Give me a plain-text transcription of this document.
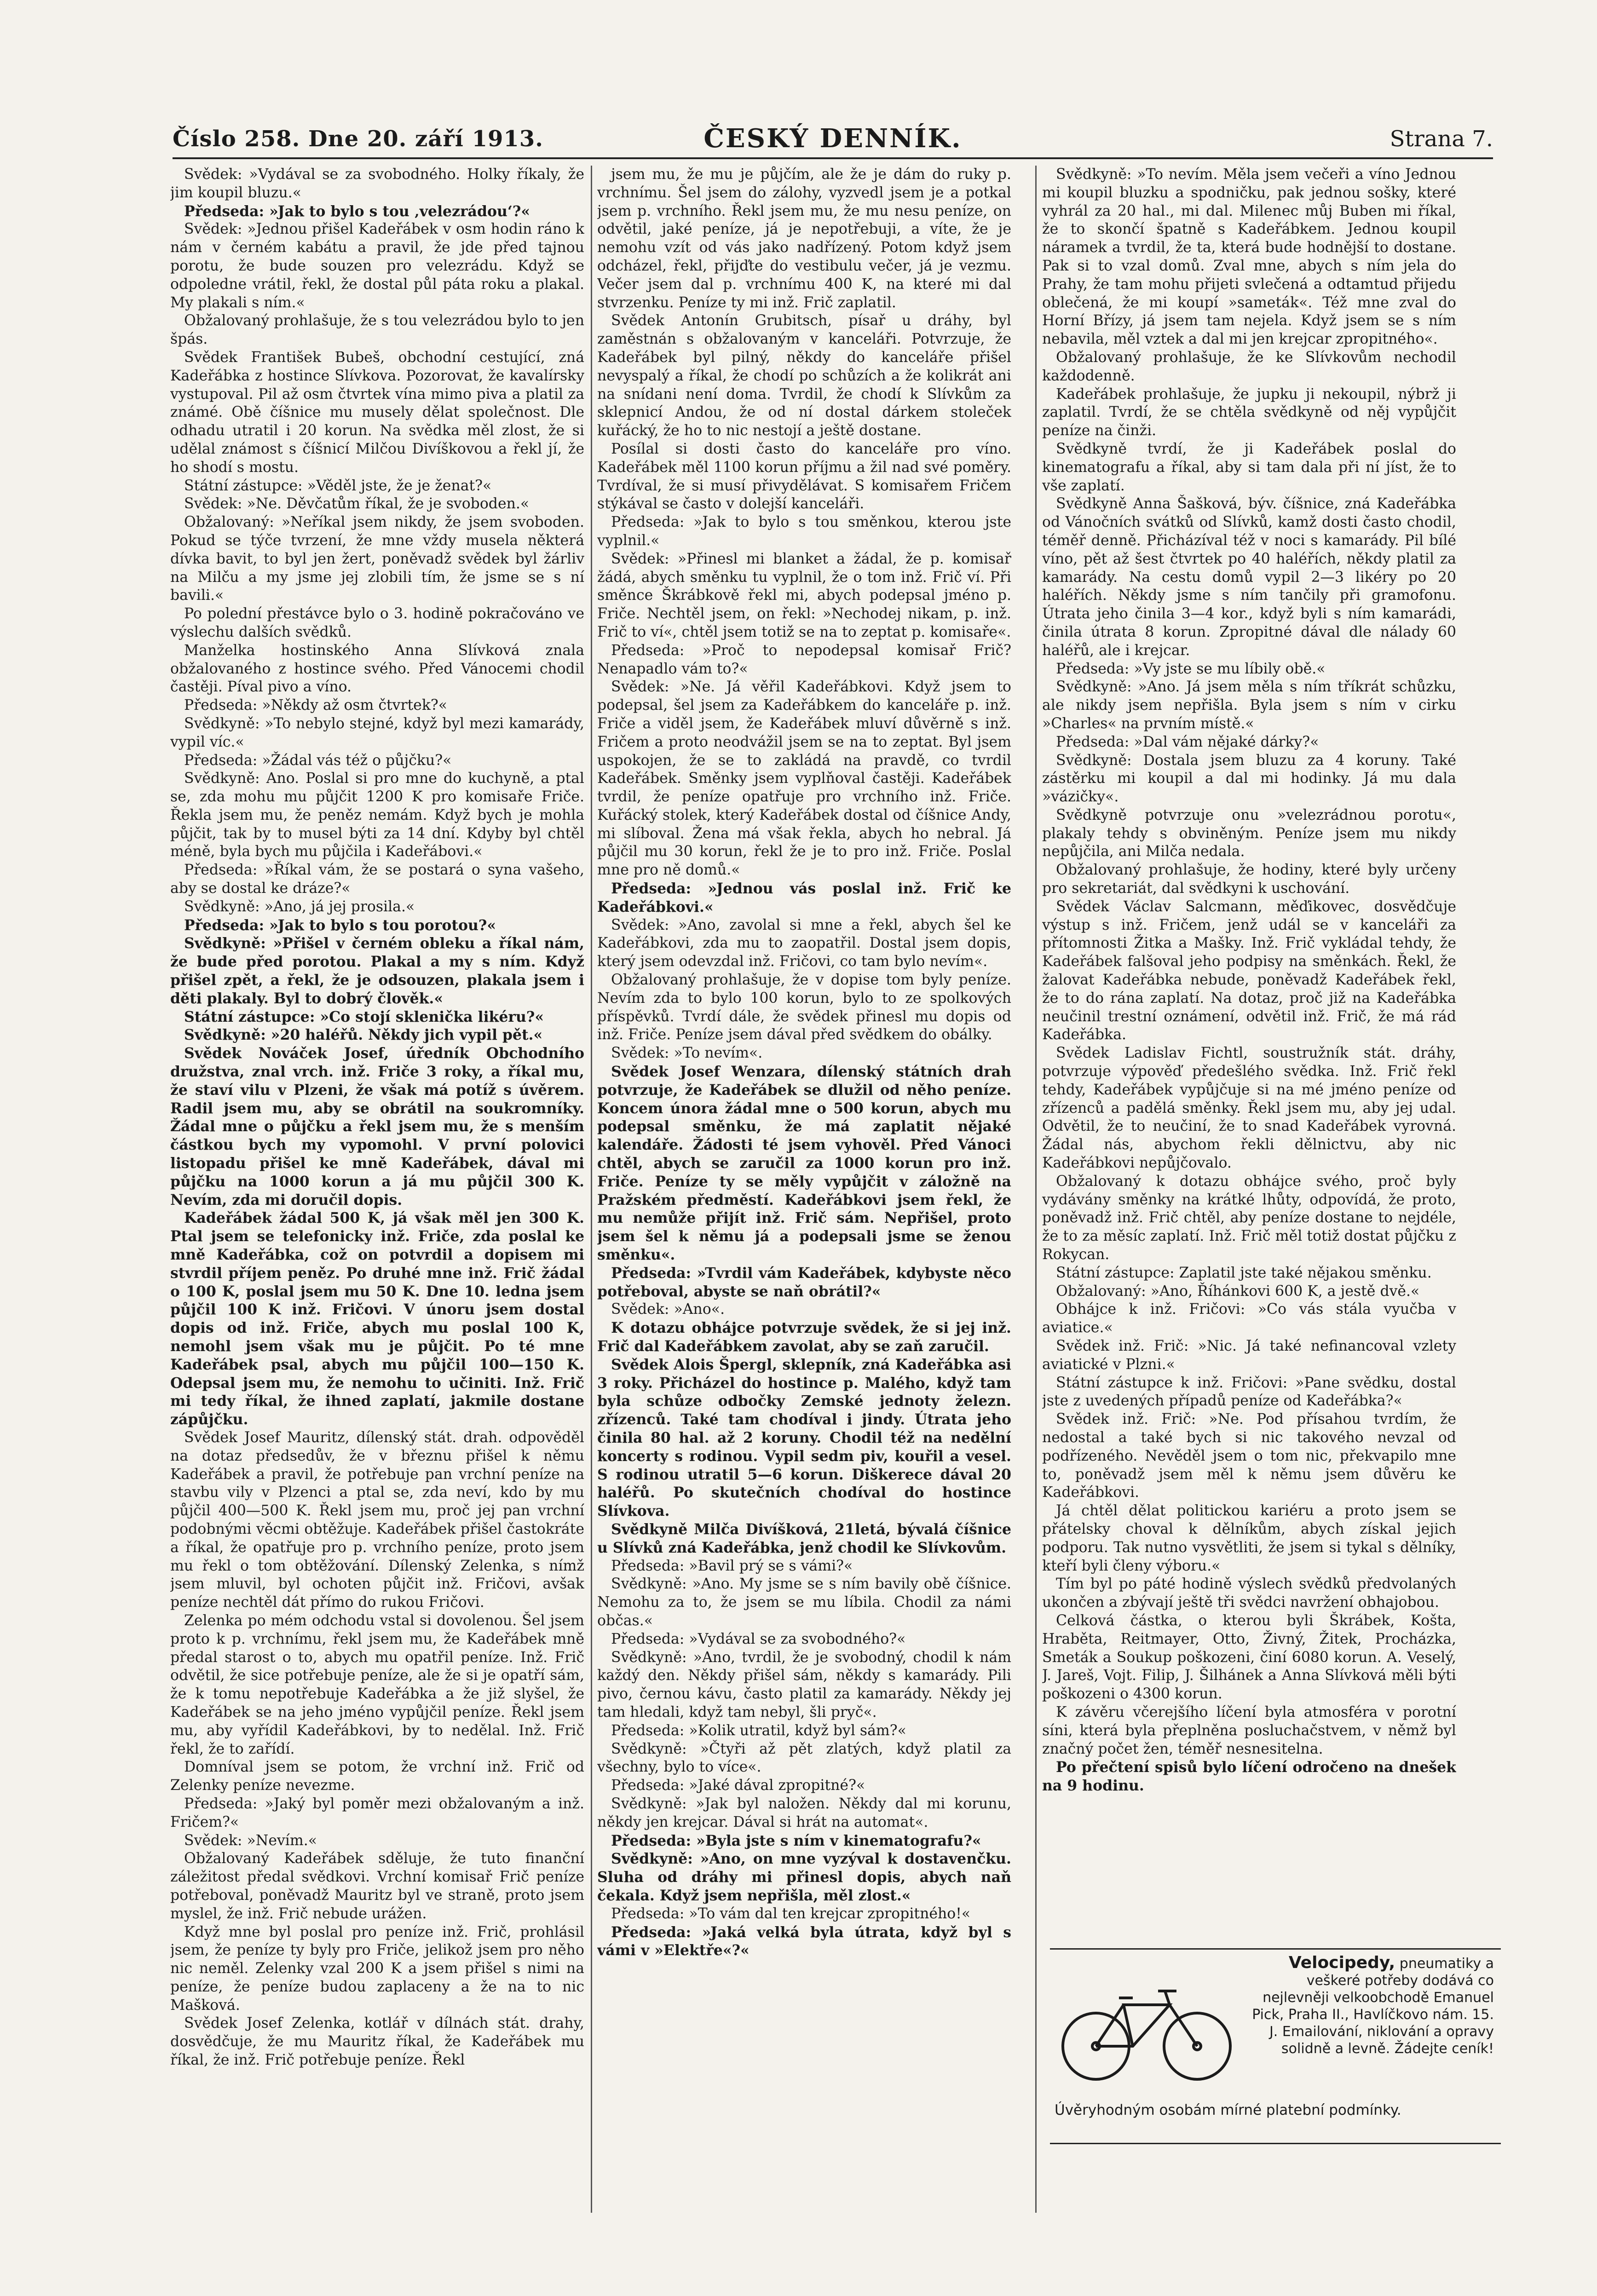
Číslo 258. Dne 20. září 1913.	ČESKÝ DENNÍK.	Strana 7.

Svědek: »Vydával se za svobodného. Holky říkaly, že jim koupil bluzu.«

Předseda: »Jak to bylo s tou ‚velezrádou‘?«

Svědek: »Jednou přišel Kadeřábek v osm hodin ráno k nám v černém kabátu a pravil, že jde před tajnou porotu, že bude souzen pro velezrádu. Když se odpoledne vrátil, řekl, že dostal půl páta roku a plakal. My plakali s ním.«

Obžalovaný prohlašuje, že s tou velezrádou bylo to jen špás.

Svědek František Bubeš, obchodní cestující, zná Kadeřábka z hostince Slívkova. Pozorovat, že kavalírsky vystupoval. Pil až osm čtvrtek vína mimo piva a platil za známé. Obě číšnice mu musely dělat společnost. Dle odhadu utratil i 20 korun. Na svědka měl zlost, že si udělal známost s číšnicí Milčou Divíškovou a řekl jí, že ho shodí s mostu.

Státní zástupce: »Věděl jste, že je ženat?«

Svědek: »Ne. Děvčatům říkal, že je svoboden.«

Obžalovaný: »Neříkal jsem nikdy, že jsem svoboden. Pokud se týče tvrzení, že mne vždy musela některá dívka bavit, to byl jen žert, poněvadž svědek byl žárliv na Milču a my jsme jej zlobili tím, že jsme se s ní bavili.«

Po polední přestávce bylo o 3. hodině pokračováno ve výslechu dalších svědků.

Manželka hostinského Anna Slívková znala obžalovaného z hostince svého. Před Vánocemi chodil častěji. Píval pivo a víno.

Předseda: »Někdy až osm čtvrtek?«

Svědkyně: »To nebylo stejné, když byl mezi kamarády, vypil víc.«

Předseda: »Žádal vás též o půjčku?«

Svědkyně: Ano. Poslal si pro mne do kuchyně, a ptal se, zda mohu mu půjčit 1200 K pro komisaře Friče. Řekla jsem mu, že peněz nemám. Když bych je mohla půjčit, tak by to musel býti za 14 dní. Kdyby byl chtěl méně, byla bych mu půjčila i Kadeřábovi.«

Předseda: »Říkal vám, že se postará o syna vašeho, aby se dostal ke dráze?«

Svědkyně: »Ano, já jej prosila.«

Předseda: »Jak to bylo s tou porotou?«

Svědkyně: »Přišel v černém obleku a říkal nám, že bude před porotou. Plakal a my s ním. Když přišel zpět, a řekl, že je odsouzen, plakala jsem i děti plakaly. Byl to dobrý člověk.«

Státní zástupce: »Co stojí sklenička likéru?«

Svědkyně: »20 haléřů. Někdy jich vypil pět.«

Svědek Nováček Josef, úředník Obchodního družstva, znal vrch. inž. Friče 3 roky, a říkal mu, že staví vilu v Plzeni, že však má potíž s úvěrem. Radil jsem mu, aby se obrátil na soukromníky. Žádal mne o půjčku a řekl jsem mu, že s menším částkou bych my vypomohl. V první polovici listopadu přišel ke mně Kadeřábek, dával mi půjčku na 1000 korun a já mu půjčil 300 K. Nevím, zda mi doručil dopis.

Kadeřábek žádal 500 K, já však měl jen 300 K. Ptal jsem se telefonicky inž. Friče, zda poslal ke mně Kadeřábka, což on potvrdil a dopisem mi stvrdil příjem peněz. Po druhé mne inž. Frič žádal o 100 K, poslal jsem mu 50 K. Dne 10. ledna jsem půjčil 100 K inž. Fričovi. V únoru jsem dostal dopis od inž. Friče, abych mu poslal 100 K, nemohl jsem však mu je půjčit. Po té mne Kadeřábek psal, abych mu půjčil 100—150 K. Odepsal jsem mu, že nemohu to učiniti. Inž. Frič mi tedy říkal, že ihned zaplatí, jakmile dostane zápůjčku.

Svědek Josef Mauritz, dílenský stát. drah. odpověděl na dotaz předsedův, že v březnu přišel k němu Kadeřábek a pravil, že potřebuje pan vrchní peníze na stavbu vily v Plzenci a ptal se, zda neví, kdo by mu půjčil 400—500 K. Řekl jsem mu, proč jej pan vrchní podobnými věcmi obtěžuje. Kadeřábek přišel častokráte a říkal, že opatřuje pro p. vrchního peníze, proto jsem mu řekl o tom obtěžování. Dílenský Zelenka, s nímž jsem mluvil, byl ochoten půjčit inž. Fričovi, avšak peníze nechtěl dát přímo do rukou Fričovi.

Zelenka po mém odchodu vstal si dovolenou. Šel jsem proto k p. vrchnímu, řekl jsem mu, že Kadeřábek mně předal starost o to, abych mu opatřil peníze. Inž. Frič odvětil, že sice potřebuje peníze, ale že si je opatří sám, že k tomu nepotřebuje Kadeřábka a že již slyšel, že Kadeřábek se na jeho jméno vypůjčil peníze. Řekl jsem mu, aby vyřídil Kadeřábkovi, by to nedělal. Inž. Frič řekl, že to zařídí.

Domníval jsem se potom, že vrchní inž. Frič od Zelenky peníze nevezme.

Předseda: »Jaký byl poměr mezi obžalovaným a inž. Fričem?«

Svědek: »Nevím.«

Obžalovaný Kadeřábek sděluje, že tuto finanční záležitost předal svědkovi. Vrchní komisař Frič peníze potřeboval, poněvadž Mauritz byl ve straně, proto jsem myslel, že inž. Frič nebude urážen.

Když mne byl poslal pro peníze inž. Frič, prohlásil jsem, že peníze ty byly pro Friče, jelikož jsem pro něho nic neměl. Zelenky vzal 200 K a jsem přišel s nimi na peníze, že peníze budou zaplaceny a že na to nic Mašková.

Svědek Josef Zelenka, kotlář v dílnách stát. drahy, dosvědčuje, že mu Mauritz říkal, že Kadeřábek mu říkal, že inž. Frič potřebuje peníze. Řekl

jsem mu, že mu je půjčím, ale že je dám do ruky p. vrchnímu. Šel jsem do zálohy, vyzvedl jsem je a potkal jsem p. vrchního. Řekl jsem mu, že mu nesu peníze, on odvětil, jaké peníze, já je nepotřebuji, a víte, že je nemohu vzít od vás jako nadřízený. Potom když jsem odcházel, řekl, přijďte do vestibulu večer, já je vezmu. Večer jsem dal p. vrchnímu 400 K, na které mi dal stvrzenku. Peníze ty mi inž. Frič zaplatil.

Svědek Antonín Grubitsch, písař u dráhy, byl zaměstnán s obžalovaným v kanceláři. Potvrzuje, že Kadeřábek byl pilný, někdy do kanceláře přišel nevyspalý a říkal, že chodí po schůzích a že kolikrát ani na snídani není doma. Tvrdil, že chodí k Slívkům za sklepnicí Andou, že od ní dostal dárkem stoleček kuřácký, že ho to nic nestojí a ještě dostane.

Posílal si dosti často do kanceláře pro víno. Kadeřábek měl 1100 korun příjmu a žil nad své poměry. Tvrdíval, že si musí přivydělávat. S komisařem Fričem stýkával se často v dolejší kanceláři.

Předseda: »Jak to bylo s tou směnkou, kterou jste vyplnil.«

Svědek: »Přinesl mi blanket a žádal, že p. komisař žádá, abych směnku tu vyplnil, že o tom inž. Frič ví. Při směnce Škrábkově řekl mi, abych podepsal jméno p. Friče. Nechtěl jsem, on řekl: »Nechodej nikam, p. inž. Frič to ví«, chtěl jsem totiž se na to zeptat p. komisaře«.

Předseda: »Proč to nepodepsal komisař Frič? Nenapadlo vám to?«

Svědek: »Ne. Já věřil Kadeřábkovi. Když jsem to podepsal, šel jsem za Kadeřábkem do kanceláře p. inž. Friče a viděl jsem, že Kadeřábek mluví důvěrně s inž. Fričem a proto neodvážil jsem se na to zeptat. Byl jsem uspokojen, že se to zakládá na pravdě, co tvrdil Kadeřábek. Směnky jsem vyplňoval častěji. Kadeřábek tvrdil, že peníze opatřuje pro vrchního inž. Friče. Kuřácký stolek, který Kadeřábek dostal od číšnice Andy, mi slíboval. Žena má však řekla, abych ho nebral. Já půjčil mu 30 korun, řekl že je to pro inž. Friče. Poslal mne pro ně domů.«

Předseda: »Jednou vás poslal inž. Frič ke Kadeřábkovi.«

Svědek: »Ano, zavolal si mne a řekl, abych šel ke Kadeřábkovi, zda mu to zaopatřil. Dostal jsem dopis, který jsem odevzdal inž. Fričovi, co tam bylo nevím«.

Obžalovaný prohlašuje, že v dopise tom byly peníze. Nevím zda to bylo 100 korun, bylo to ze spolkových příspěvků. Tvrdí dále, že svědek přinesl mu dopis od inž. Friče. Peníze jsem dával před svědkem do obálky.

Svědek: »To nevím«.

Svědek Josef Wenzara, dílenský státních drah potvrzuje, že Kadeřábek se dlužil od něho peníze. Koncem února žádal mne o 500 korun, abych mu podepsal směnku, že má zaplatit nějaké kalendáře. Žádosti té jsem vyhověl. Před Vánoci chtěl, abych se zaručil za 1000 korun pro inž. Friče. Peníze ty se měly vypůjčit v záložně na Pražském předměstí. Kadeřábkovi jsem řekl, že mu nemůže přijít inž. Frič sám. Nepřišel, proto jsem šel k němu já a podepsali jsme se ženou směnku«.

Předseda: »Tvrdil vám Kadeřábek, kdybyste něco potřeboval, abyste se naň obrátil?«

Svědek: »Ano«.

K dotazu obhájce potvrzuje svědek, že si jej inž. Frič dal Kadeřábkem zavolat, aby se zaň zaručil.

Svědek Alois Špergl, sklepník, zná Kadeřábka asi 3 roky. Přicházel do hostince p. Malého, když tam byla schůze odbočky Zemské jednoty železn. zřízenců. Také tam chodíval i jindy. Útrata jeho činila 80 hal. až 2 koruny. Chodil též na nedělní koncerty s rodinou. Vypil sedm piv, kouřil a vesel. S rodinou utratil 5—6 korun. Diškerece dával 20 haléřů. Po skutečních chodíval do hostince Slívkova.

Svědkyně Milča Divíšková, 21letá, bývalá číšnice u Slívků zná Kadeřábka, jenž chodil ke Slívkovům.

Předseda: »Bavil prý se s vámi?«

Svědkyně: »Ano. My jsme se s ním bavily obě číšnice. Nemohu za to, že jsem se mu líbila. Chodil za námi občas.«

Předseda: »Vydával se za svobodného?«

Svědkyně: »Ano, tvrdil, že je svobodný, chodil k nám každý den. Někdy přišel sám, někdy s kamarády. Pili pivo, černou kávu, často platil za kamarády. Někdy jej tam hledali, když tam nebyl, šli pryč«.

Předseda: »Kolik utratil, když byl sám?«

Svědkyně: »Čtyři až pět zlatých, když platil za všechny, bylo to více«.

Předseda: »Jaké dával zpropitné?«

Svědkyně: »Jak byl naložen. Někdy dal mi korunu, někdy jen krejcar. Dával si hrát na automat«.

Předseda: »Byla jste s ním v kinematografu?«

Svědkyně: »Ano, on mne vyzýval k dostavenčku. Sluha od dráhy mi přinesl dopis, abych naň čekala. Když jsem nepřišla, měl zlost.«

Předseda: »To vám dal ten krejcar zpropitného!«

Předseda: »Jaká velká byla útrata, když byl s vámi v »Elektře«?«

Svědkyně: »To nevím. Měla jsem večeři a víno Jednou mi koupil bluzku a spodničku, pak jednou sošky, které vyhrál za 20 hal., mi dal. Milenec můj Buben mi říkal, že to skončí špatně s Kadeřábkem. Jednou koupil náramek a tvrdil, že ta, která bude hodnější to dostane. Pak si to vzal domů. Zval mne, abych s ním jela do Prahy, že tam mohu přijeti svlečená a odtamtud přijedu oblečená, že mi koupí »sameták«. Též mne zval do Horní Břízy, já jsem tam nejela. Když jsem se s ním nebavila, měl vztek a dal mi jen krejcar zpropitného«.

Obžalovaný prohlašuje, že ke Slívkovům nechodil každodenně.

Kadeřábek prohlašuje, že jupku ji nekoupil, nýbrž ji zaplatil. Tvrdí, že se chtěla svědkyně od něj vypůjčit peníze na činži.

Svědkyně tvrdí, že ji Kadeřábek poslal do kinematografu a říkal, aby si tam dala při ní jíst, že to vše zaplatí.

Svědkyně Anna Šašková, býv. číšnice, zná Kadeřábka od Vánočních svátků od Slívků, kamž dosti často chodil, téměř denně. Přicházíval též v noci s kamarády. Pil bílé víno, pět až šest čtvrtek po 40 haléřích, někdy platil za kamarády. Na cestu domů vypil 2—3 likéry po 20 haléřích. Někdy jsme s ním tančily při gramofonu. Útrata jeho činila 3—4 kor., když byli s ním kamarádi, činila útrata 8 korun. Zpropitné dával dle nálady 60 haléřů, ale i krejcar.

Předseda: »Vy jste se mu líbily obě.«

Svědkyně: »Ano. Já jsem měla s ním tříkrát schůzku, ale nikdy jsem nepřišla. Byla jsem s ním v cirku »Charles« na prvním místě.«

Předseda: »Dal vám nějaké dárky?«

Svědkyně: Dostala jsem bluzu za 4 koruny. Také zástěrku mi koupil a dal mi hodinky. Já mu dala »vázičky«.

Svědkyně potvrzuje onu »velezrádnou porotu«, plakaly tehdy s obviněným. Peníze jsem mu nikdy nepůjčila, ani Milča nedala.

Obžalovaný prohlašuje, že hodiny, které byly určeny pro sekretariát, dal svědkyni k uschování.

Svědek Václav Salcmann, měďikovec, dosvědčuje výstup s inž. Fričem, jenž udál se v kanceláři za přítomnosti Žitka a Mašky. Inž. Frič vykládal tehdy, že Kadeřábek falšoval jeho podpisy na směnkách. Řekl, že žalovat Kadeřábka nebude, poněvadž Kadeřábek řekl, že to do rána zaplatí. Na dotaz, proč již na Kadeřábka neučinil trestní oznámení, odvětil inž. Frič, že má rád Kadeřábka.

Svědek Ladislav Fichtl, soustružník stát. dráhy, potvrzuje výpověď předešlého svědka. Inž. Frič řekl tehdy, Kadeřábek vypůjčuje si na mé jméno peníze od zřízenců a padělá směnky. Řekl jsem mu, aby jej udal. Odvětil, že to neučiní, že to snad Kadeřábek vyrovná. Žádal nás, abychom řekli dělnictvu, aby nic Kadeřábkovi nepůjčovalo.

Obžalovaný k dotazu obhájce svého, proč byly vydávány směnky na krátké lhůty, odpovídá, že proto, poněvadž inž. Frič chtěl, aby peníze dostane to nejdéle, že to za měsíc zaplatí. Inž. Frič měl totiž dostat půjčku z Rokycan.

Státní zástupce: Zaplatil jste také nějakou směnku.

Obžalovaný: »Ano, Říhánkovi 600 K, a jestě dvě.«

Obhájce k inž. Fričovi: »Co vás stála vyučba v aviatice.«

Svědek inž. Frič: »Nic. Já také nefinancoval vzlety aviatické v Plzni.«

Státní zástupce k inž. Fričovi: »Pane svědku, dostal jste z uvedených případů peníze od Kadeřábka?«

Svědek inž. Frič: »Ne. Pod přísahou tvrdím, že nedostal a také bych si nic takového nevzal od podřízeného. Nevěděl jsem o tom nic, překvapilo mne to, poněvadž jsem měl k němu jsem důvěru ke Kadeřábkovi.

Já chtěl dělat politickou kariéru a proto jsem se přátelsky choval k dělníkům, abych získal jejich podporu. Tak nutno vysvětliti, že jsem si tykal s dělníky, kteří byli členy výboru.«

Tím byl po páté hodině výslech svědků předvolaných ukončen a zbývají ještě tři svědci navržení obhajobou.

Celková částka, o kterou byli Škrábek, Košta, Hrabětа, Reitmayer, Otto, Živný, Žitek, Procházka, Smeták a Soukup poškozeni, činí 6080 korun. A. Veselý, J. Jareš, Vojt. Filip, J. Šilhánek a Anna Slívková měli býti poškozeni o 4300 korun.

K závěru včerejšího líčení byla atmosféra v porotní síni, která byla přeplněna posluchačstvem, v němž byl značný počet žen, téměř nesnesitelna.

Po přečtení spisů bylo líčení odročeno na dnešek na 9 hodinu.

Velocipedy, pneumatiky a veškeré potřeby dodává co nejlevněji velkoobchodě Emanuel Pick, Praha II., Havlíčkovo nám. 15. J. Emailování, niklování a opravy solidně a levně. Žádejte ceník!
Úvěryhodným osobám mírné platební podmínky.
